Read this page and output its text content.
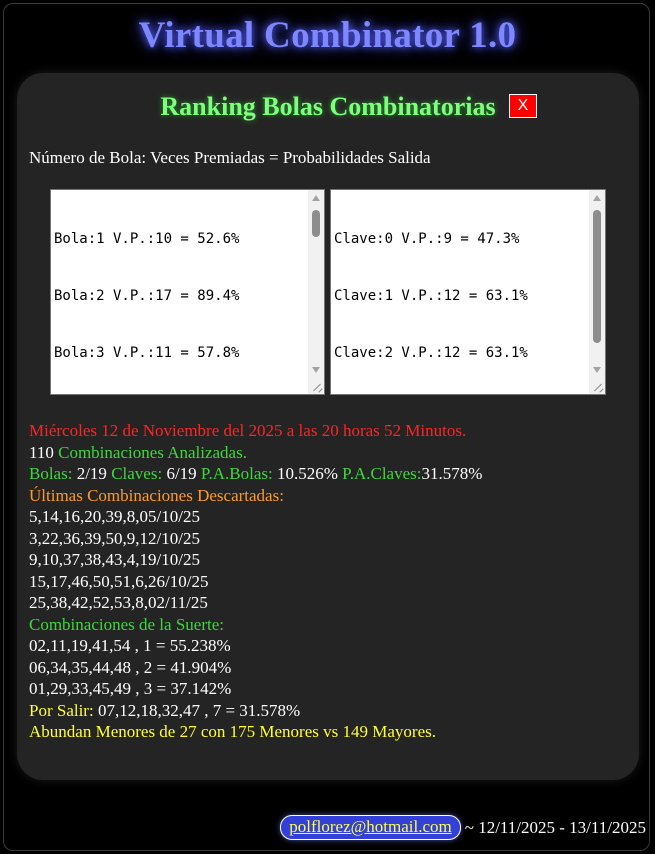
Virtual Combinator 1.0
Ranking Bolas Combinatorias	X
Número de Bola: Veces Premiadas = Probabilidades Salida

Bola:1 V.P.:10 = 52.6%

Bola:2 V.P.:17 = 89.4%

Bola:3 V.P.:11 = 57.8%

Clave:0 V.P.:9 = 47.3%

Clave:1 V.P.:12 = 63.1%

Clave:2 V.P.:12 = 63.1%

Miércoles 12 de Noviembre del 2025 a las 20 horas 52 Minutos.
110 Combinaciones Analizadas.
Bolas: 2/19 Claves: 6/19 P.A.Bolas: 10.526% P.A.Claves:31.578%
Últimas Combinaciones Descartadas:
5,14,16,20,39,8,05/10/25
3,22,36,39,50,9,12/10/25
9,10,37,38,43,4,19/10/25
15,17,46,50,51,6,26/10/25
25,38,42,52,53,8,02/11/25
Combinaciones de la Suerte:
02,11,19,41,54 , 1 = 55.238%
06,34,35,44,48 , 2 = 41.904%
01,29,33,45,49 , 3 = 37.142%
Por Salir: 07,12,18,32,47 , 7 = 31.578%
Abundan Menores de 27 con 175 Menores vs 149 Mayores.
polflorez@hotmail.com ~ 12/11/2025 - 13/11/2025
